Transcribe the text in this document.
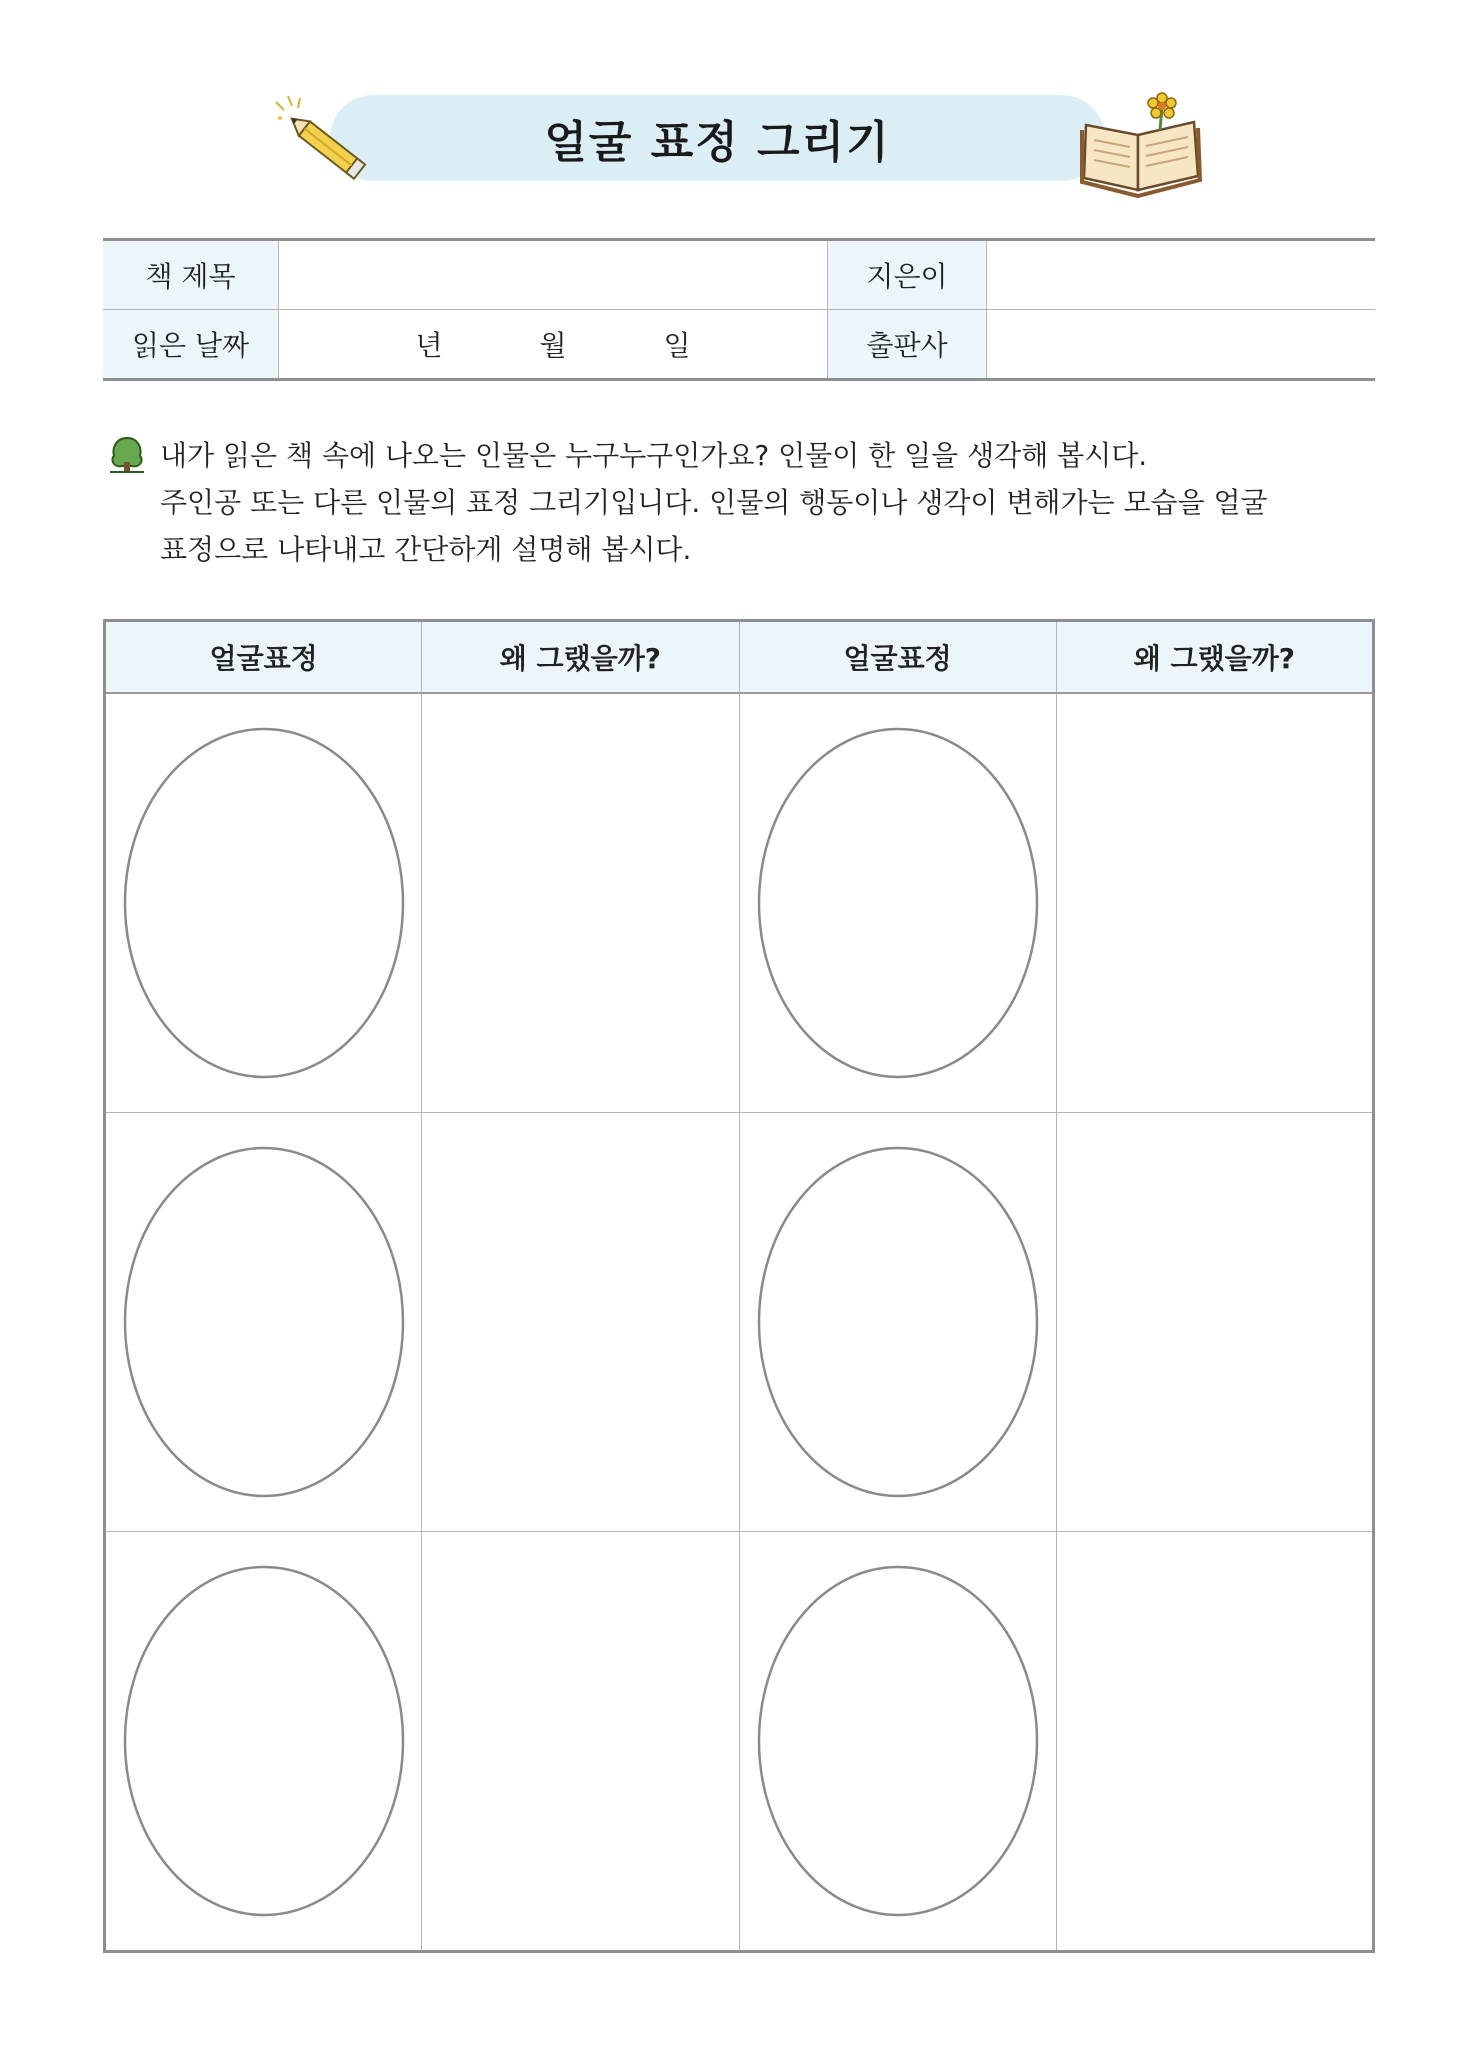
얼굴 표정 그리기
책 제목		지은이	
읽은 날짜	년 월 일	출판사	
내가 읽은 책 속에 나오는 인물은 누구누구인가요? 인물이 한 일을 생각해 봅시다.
주인공 또는 다른 인물의 표정 그리기입니다. 인물의 행동이나 생각이 변해가는 모습을 얼굴
표정으로 나타내고 간단하게 설명해 봅시다.
얼굴표정	왜 그랬을까?	얼굴표정	왜 그랬을까?
